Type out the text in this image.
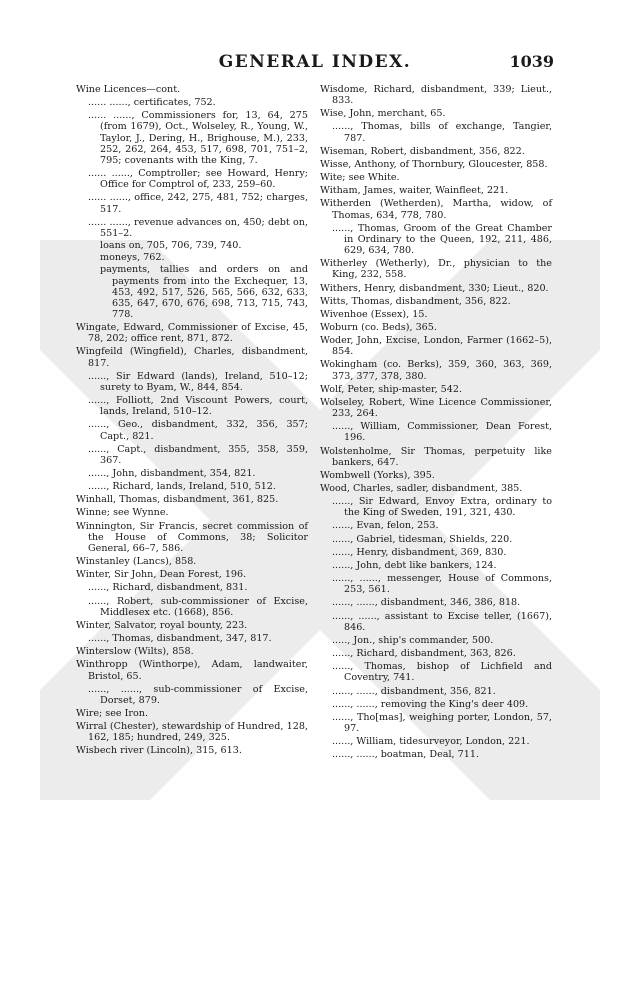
GENERAL INDEX.	1039

Wine Licences—cont.

...... ......, certificates, 752.

...... ......, Commissioners for, 13, 64, 275 (from 1679), Oct., Wolseley, R., Young, W., Taylor, J., Dering, H., Brighouse, M.), 233, 252, 262, 264, 453, 517, 698, 701, 751–2, 795; covenants with the King, 7.

...... ......, Comptroller; see Howard, Henry; Office for Comptrol of, 233, 259–60.

...... ......, office, 242, 275, 481, 752; charges, 517.

...... ......, revenue advances on, 450; debt on, 551–2.

loans on, 705, 706, 739, 740.

moneys, 762.

payments, tallies and orders on and payments from into the Exchequer, 13, 453, 492, 517, 526, 565, 566, 632, 633, 635, 647, 670, 676, 698, 713, 715, 743, 778.

Wingate, Edward, Commissioner of Excise, 45, 78, 202; office rent, 871, 872.

Wingfeild (Wingfield), Charles, disbandment, 817.

......, Sir Edward (lands), Ireland, 510–12; surety to Byam, W., 844, 854.

......, Folliott, 2nd Viscount Powers, court, lands, Ireland, 510–12.

......, Geo., disbandment, 332, 356, 357; Capt., 821.

......, Capt., disbandment, 355, 358, 359, 367.

......, John, disbandment, 354, 821.

......, Richard, lands, Ireland, 510, 512.

Winhall, Thomas, disbandment, 361, 825.

Winne; see Wynne.

Winnington, Sir Francis, secret commission of the House of Commons, 38; Solicitor General, 66–7, 586.

Winstanley (Lancs), 858.

Winter, Sir John, Dean Forest, 196.

......, Richard, disbandment, 831.

......, Robert, sub-commissioner of Excise, Middlesex etc. (1668), 856.

Winter, Salvator, royal bounty, 223.

......, Thomas, disbandment, 347, 817.

Winterslow (Wilts), 858.

Winthropp (Winthorpe), Adam, landwaiter, Bristol, 65.

......, ......, sub-commissioner of Excise, Dorset, 879.

Wire; see Iron.

Wirral (Chester), stewardship of Hundred, 128, 162, 185; hundred, 249, 325.

Wisbech river (Lincoln), 315, 613.

Wisdome, Richard, disbandment, 339; Lieut., 833.

Wise, John, merchant, 65.

......, Thomas, bills of exchange, Tangier, 787.

Wiseman, Robert, disbandment, 356, 822.

Wisse, Anthony, of Thornbury, Gloucester, 858.

Wite; see White.

Witham, James, waiter, Wainfleet, 221.

Witherden (Wetherden), Martha, widow, of Thomas, 634, 778, 780.

......, Thomas, Groom of the Great Chamber in Ordinary to the Queen, 192, 211, 486, 629, 634, 780.

Witherley (Wetherly), Dr., physician to the King, 232, 558.

Withers, Henry, disbandment, 330; Lieut., 820.

Witts, Thomas, disbandment, 356, 822.

Wivenhoe (Essex), 15.

Woburn (co. Beds), 365.

Woder, John, Excise, London, Farmer (1662–5), 854.

Wokingham (co. Berks), 359, 360, 363, 369, 373, 377, 378, 380.

Wolf, Peter, ship-master, 542.

Wolseley, Robert, Wine Licence Commissioner, 233, 264.

......, William, Commissioner, Dean Forest, 196.

Wolstenholme, Sir Thomas, perpetuity like bankers, 647.

Wombwell (Yorks), 395.

Wood, Charles, sadler, disbandment, 385.

......, Sir Edward, Envoy Extra, ordinary to the King of Sweden, 191, 321, 430.

......, Evan, felon, 253.

......, Gabriel, tidesman, Shields, 220.

......, Henry, disbandment, 369, 830.

......, John, debt like bankers, 124.

......, ......, messenger, House of Commons, 253, 561.

......, ......, disbandment, 346, 386, 818.

......, ......, assistant to Excise teller, (1667), 846.

....., Jon., ship's commander, 500.

......, Richard, disbandment, 363, 826.

......, Thomas, bishop of Lichfield and Coventry, 741.

......, ......, disbandment, 356, 821.

......, ......, removing the King's deer 409.

......, Tho[mas], weighing porter, London, 57, 97.

......, William, tidesurveyor, London, 221.

......, ......, boatman, Deal, 711.
